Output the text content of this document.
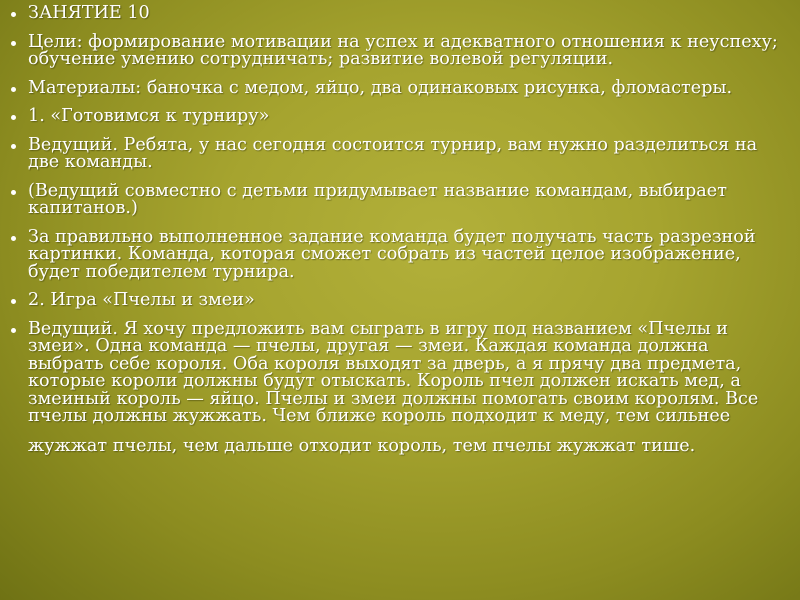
ЗАНЯТИЕ 10
Цели: формирование мотивации на успех и адекватного отношения к неуспеху; обучение умению сотрудничать; развитие волевой регуляции.
Материалы: баночка с медом, яйцо, два одинаковых рисунка, фломастеры.
1. «Готовимся к турниру»
Ведущий. Ребята, у нас сегодня состоится турнир, вам нужно разделиться на две команды.
(Ведущий совместно с детьми придумывает название командам, выбирает капитанов.)
За правильно выполненное задание команда будет получать часть разрезной картинки. Команда, которая сможет собрать из частей целое изображение, будет победителем турнира.
2. Игра «Пчелы и змеи»
Ведущий. Я хочу предложить вам сыграть в игру под названием «Пчелы и змеи». Одна команда — пчелы, другая — змеи. Каждая команда должна выбрать себе короля. Оба короля выходят за дверь, а я прячу два предмета, которые короли должны будут отыскать. Король пчел должен искать мед, а змеиный король — яйцо. Пчелы и змеи должны помогать своим королям. Все пчелы должны жужжать. Чем ближе король подходит к меду, тем сильнее
жужжат пчелы, чем дальше отходит король, тем пчелы жужжат тише.
